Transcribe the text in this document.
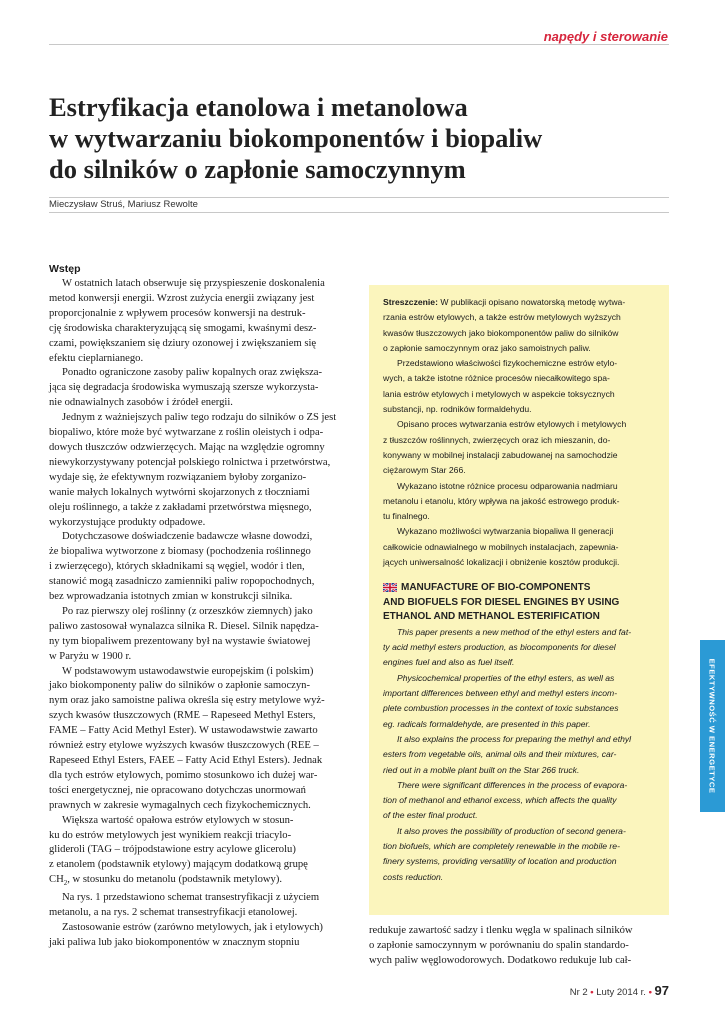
napędy i sterowanie
Estryfikacja etanolowa i metanolowa
w wytwarzaniu biokomponentów i biopaliw
do silników o zapłonie samoczynnym
Mieczysław Struś, Mariusz Rewolte
Wstęp

W ostatnich latach obserwuje się przyspieszenie doskonalenia
metod konwersji energii. Wzrost zużycia energii związany jest
proporcjonalnie z wpływem procesów konwersji na destruk-
cję środowiska charakteryzującą się smogami, kwaśnymi desz-
czami, powiększaniem się dziury ozonowej i zwiększaniem się
efektu cieplarnianego.

Ponadto ograniczone zasoby paliw kopalnych oraz zwiększa-
jąca się degradacja środowiska wymuszają szersze wykorzysta-
nie odnawialnych zasobów i źródeł energii.

Jednym z ważniejszych paliw tego rodzaju do silników o ZS jest
biopaliwo, które może być wytwarzane z roślin oleistych i odpa-
dowych tłuszczów odzwierzęcych. Mając na względzie ogromny
niewykorzystywany potencjał polskiego rolnictwa i przetwórstwa,
wydaje się, że efektywnym rozwiązaniem byłoby zorganizo-
wanie małych lokalnych wytwórni skojarzonych z tłoczniami
oleju roślinnego, a także z zakładami przetwórstwa mięsnego,
wykorzystujące produkty odpadowe.

Dotychczasowe doświadczenie badawcze własne dowodzi,
że biopaliwa wytworzone z biomasy (pochodzenia roślinnego
i zwierzęcego), których składnikami są węgiel, wodór i tlen,
stanowić mogą zasadniczo zamienniki paliw ropopochodnych,
bez wprowadzania istotnych zmian w konstrukcji silnika.

Po raz pierwszy olej roślinny (z orzeszków ziemnych) jako
paliwo zastosował wynalazca silnika R. Diesel. Silnik napędza-
ny tym biopaliwem prezentowany był na wystawie światowej
w Paryżu w 1900 r.

W podstawowym ustawodawstwie europejskim (i polskim)
jako biokomponenty paliw do silników o zapłonie samoczyn-
nym oraz jako samoistne paliwa określa się estry metylowe wyż-
szych kwasów tłuszczowych (RME – Rapeseed Methyl Esters,
FAME – Fatty Acid Methyl Ester). W ustawodawstwie zawarto
również estry etylowe wyższych kwasów tłuszczowych (REE –
Rapeseed Ethyl Esters, FAEE – Fatty Acid Ethyl Esters). Jednak
dla tych estrów etylowych, pomimo stosunkowo ich dużej war-
tości energetycznej, nie opracowano dotychczas unormowań
prawnych w zakresie wymagalnych cech fizykochemicznych.

Większa wartość opałowa estrów etylowych w stosun-
ku do estrów metylowych jest wynikiem reakcji triacylo-
glideroli (TAG – trójpodstawione estry acylowe glicerolu)
z etanolem (podstawnik etylowy) mającym dodatkową grupę
$CH_2$, w stosunku do metanolu (podstawnik metylowy).

Na rys. 1 przedstawiono schemat transestryfikacji z użyciem
metanolu, a na rys. 2 schemat transestryfikacji etanolowej.

Zastosowanie estrów (zarówno metylowych, jak i etylowych)
jaki paliwa lub jako biokomponentów w znacznym stopniu

Streszczenie: W publikacji opisano nowatorską metodę wytwa-
rzania estrów etylowych, a także estrów metylowych wyższych
kwasów tłuszczowych jako biokomponentów paliw do silników
o zapłonie samoczynnym oraz jako samoistnych paliw.

Przedstawiono właściwości fizykochemiczne estrów etylo-
wych, a także istotne różnice procesów niecałkowitego spa-
lania estrów etylowych i metylowych w aspekcie toksycznych
substancji, np. rodników formaldehydu.

Opisano proces wytwarzania estrów etylowych i metylowych
z tłuszczów roślinnych, zwierzęcych oraz ich mieszanin, do-
konywany w mobilnej instalacji zabudowanej na samochodzie
ciężarowym Star 266.

Wykazano istotne różnice procesu odparowania nadmiaru
metanolu i etanolu, który wpływa na jakość estrowego produk-
tu finalnego.

Wykazano możliwości wytwarzania biopaliwa II generacji
całkowicie odnawialnego w mobilnych instalacjach, zapewnia-
jących uniwersalność lokalizacji i obniżenie kosztów produkcji.

MANUFACTURE OF BIO-COMPONENTS
AND BIOFUELS FOR DIESEL ENGINES BY USING
ETHANOL AND METHANOL ESTERIFICATION

This paper presents a new method of the ethyl esters and fat-
ty acid methyl esters production, as biocomponents for diesel
engines fuel and also as fuel itself.

Physicochemical properties of the ethyl esters, as well as
important differences between ethyl and methyl esters incom-
plete combustion processes in the context of toxic substances
eg. radicals formaldehyde, are presented in this paper.

It also explains the process for preparing the methyl and ethyl
esters from vegetable oils, animal oils and their mixtures, car-
ried out in a mobile plant built on the Star 266 truck.

There were significant differences in the process of evapora-
tion of methanol and ethanol excess, which affects the quality
of the ester final product.

It also proves the possibility of production of second genera-
tion biofuels, which are completely renewable in the mobile re-
finery systems, providing versatility of location and production
costs reduction.

redukuje zawartość sadzy i tlenku węgla w spalinach silników
o zapłonie samoczynnym w porównaniu do spalin standardo-
wych paliw węglowodorowych. Dodatkowo redukuje lub cał-

EFEKTYWNOŚĆ W ENERGETYCE
Nr 2 • Luty 2014 r. • 97
